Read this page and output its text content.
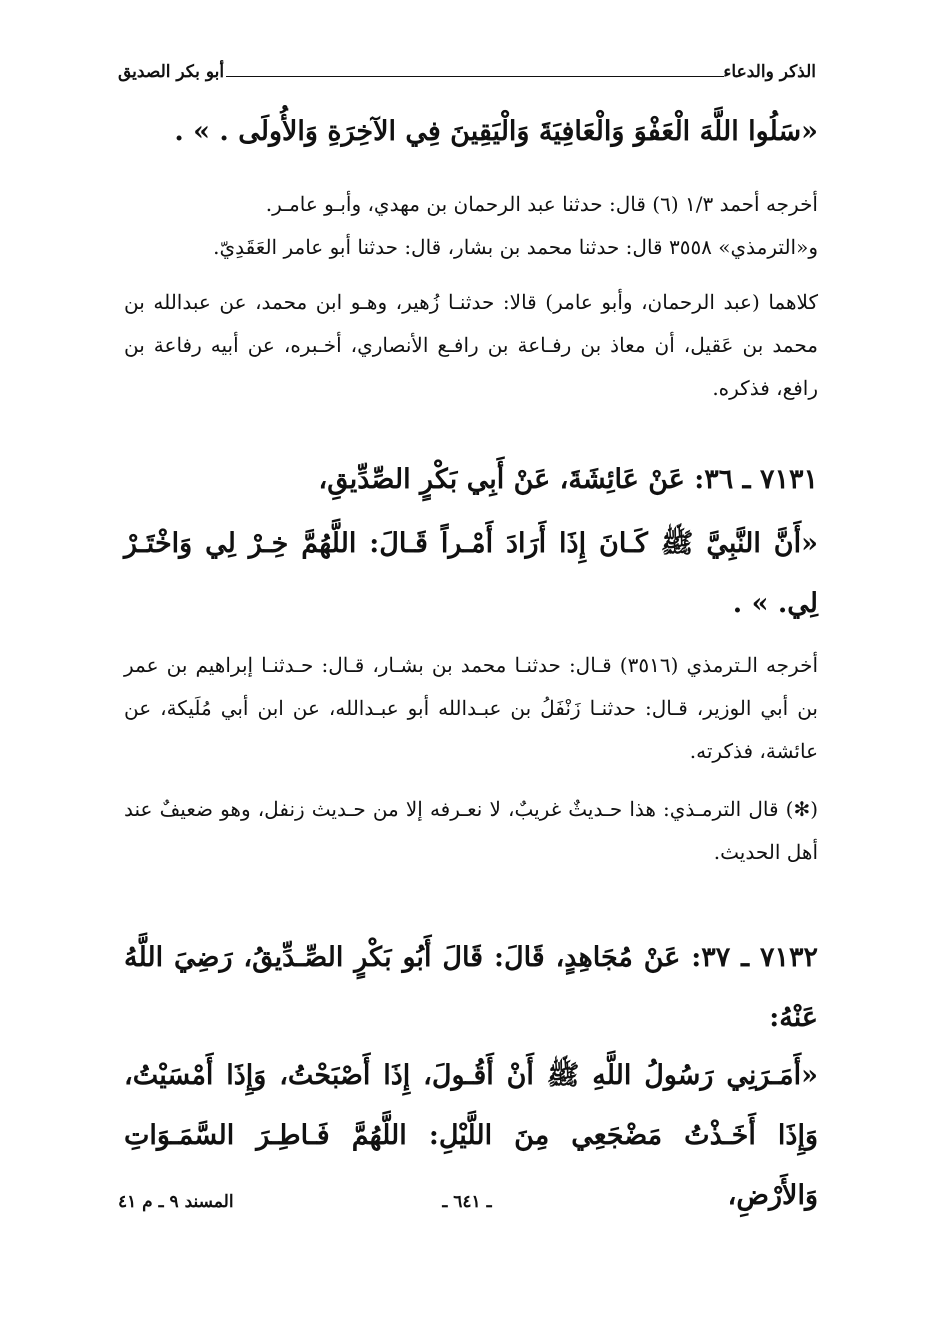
الذكر والدعاء
أبو بكر الصديق
«سَلُوا اللَّهَ الْعَفْوَ وَالْعَافِيَةَ وَالْيَقِينَ فِي الآخِرَةِ وَالأُولَى . » .
أخرجه أحمد ١/٣ (٦) قال: حدثنا عبد الرحمان بن مهدي، وأبـو عامـر.
و«الترمذي» ٣٥٥٨ قال: حدثنا محمد بن بشار، قال: حدثنا أبو عامر العَقَدِيّ.
كلاهما (عبد الرحمان، وأبو عامر) قالا: حدثنـا زُهير، وهـو ابن محمد، عن عبدالله بن محمد بن عَقيل، أن معاذ بن رفـاعة بن رافـع الأنصاري، أخـبره، عن أبيه رفاعة بن رافع، فذكره.
٧١٣١ ـ ٣٦: عَنْ عَائِشَةَ، عَنْ أَبِي بَكْرٍ الصِّدِّيقِ،
«أَنَّ النَّبِيَّ ﷺ كَـانَ إِذَا أَرَادَ أَمْـراً قَـالَ: اللَّهُمَّ خِـرْ لِي وَاخْتَـرْ لِي. » .
أخرجه الـترمذي (٣٥١٦) قـال: حدثنـا محمد بن بشـار، قـال: حـدثنـا إبراهيم بن عمر بن أبي الوزير، قـال: حدثنـا زَنْفَلُ بن عبـدالله أبو عبـدالله، عن ابن أبي مُلَيكة، عن عائشة، فذكرته.
(✻) قال الترمـذي: هذا حـديثٌ غريبٌ، لا نعـرفه إلا من حـديث زنفل، وهو ضعيفٌ عند أهل الحديث.
٧١٣٢ ـ ٣٧: عَنْ مُجَاهِدٍ، قَالَ: قَالَ أَبُو بَكْرٍ الصِّـدِّيقُ، رَضِيَ اللَّهُ عَنْهُ:
«أَمَـرَنِي رَسُولُ اللَّهِ ﷺ أَنْ أَقُـولَ، إِذَا أَصْبَحْتُ، وَإِذَا أَمْسَيْتُ، وَإِذَا أَخَـذْتُ مَضْجَعِي مِنَ اللَّيْلِ: اللَّهُمَّ فَـاطِـرَ السَّمَـوَاتِ وَالأَرْضِ،
ـ ٦٤١ ـ
المسند ٩ ـ م ٤١
